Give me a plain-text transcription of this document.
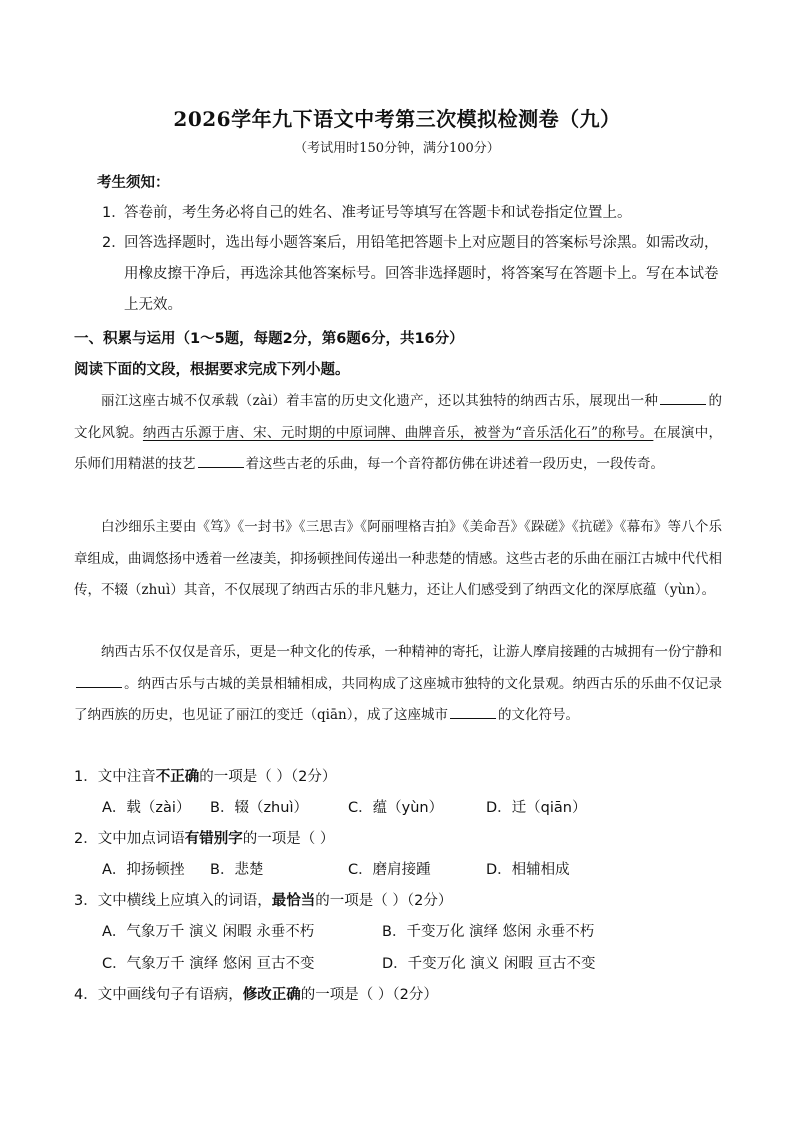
2026学年九下语文中考第三次模拟检测卷（九）
（考试用时150分钟，满分100分）
考生须知：
1．
答卷前，考生务必将自己的姓名、准考证号等填写在答题卡和试卷指定位置上。
2．
回答选择题时，选出每小题答案后，用铅笔把答题卡上对应题目的答案标号涂黑。如需改动，用橡皮擦干净后，再选涂其他答案标号。回答非选择题时，将答案写在答题卡上。写在本试卷上无效。
一、积累与运用（1～5题，每题2分，第6题6分，共16分）
阅读下面的文段，根据要求完成下列小题。
丽江这座古城不仅承载（zài）着丰富的历史文化遗产，还以其独特的纳西古乐，展现出一种	的文化风貌。纳西古乐源于唐、宋、元时期的中原词牌、曲牌音乐，被誉为“音乐活化石”的称号。在展演中，乐师们用精湛的技艺	着这些古老的乐曲，每一个音符都仿佛在讲述着一段历史，一段传奇。
白沙细乐主要由《笃》《一封书》《三思吉》《阿丽哩格吉拍》《美命吾》《跺磋》《抗磋》《幕布》等八个乐章组成，曲调悠扬中透着一丝凄美，抑扬顿挫间传递出一种悲楚的情感。这些古老的乐曲在丽江古城中代代相传，不辍（zhuì）其音，不仅展现了纳西古乐的非凡魅力，还让人们感受到了纳西文化的深厚底蕴（yùn）。
纳西古乐不仅仅是音乐，更是一种文化的传承，一种精神的寄托，让游人摩肩接踵的古城拥有一份宁静和。纳西古乐与古城的美景相辅相成，共同构成了这座城市独特的文化景观。纳西古乐的乐曲不仅记录了纳西族的历史，也见证了丽江的变迁（qiān），成了这座城市	的文化符号。
1．文中注音不正确的一项是（ ）（2分）
A．载（zài） B．辍（zhuì）	C．蕴（yùn）	D．迁（qiān）
2．文中加点词语有错别字的一项是（ ）
A．抑扬顿挫 B．悲楚	C．磨肩接踵	D．相辅相成
3．文中横线上应填入的词语，最恰当的一项是（ ）（2分）
A．气象万千 演义 闲暇 永垂不朽	B．千变万化 演绎 悠闲 永垂不朽
C．气象万千 演绎 悠闲 亘古不变	D．千变万化 演义 闲暇 亘古不变
4．文中画线句子有语病，修改正确的一项是（ ）（2分）
